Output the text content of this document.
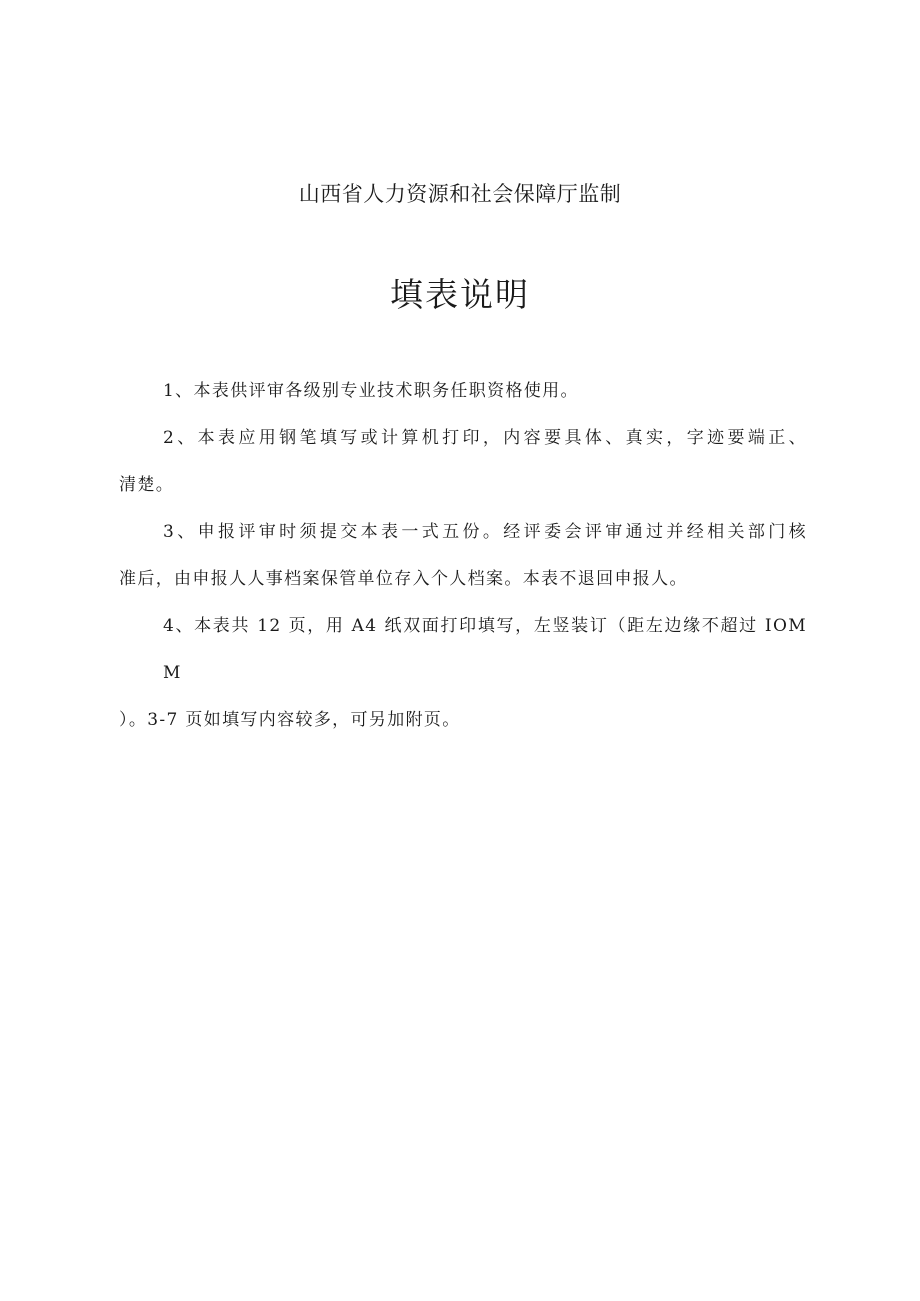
山西省人力资源和社会保障厅监制
填表说明

1、本表供评审各级别专业技术职务任职资格使用。

2、本表应用钢笔填写或计算机打印，内容要具体、真实，字迹要端正、
清楚。

3、申报评审时须提交本表一式五份。经评委会评审通过并经相关部门核
准后，由申报人人事档案保管单位存入个人档案。本表不退回申报人。

4、本表共 12 页，用 A4 纸双面打印填写，左竖装订（距左边缘不超过 IOMM
）。3-7 页如填写内容较多，可另加附页。
